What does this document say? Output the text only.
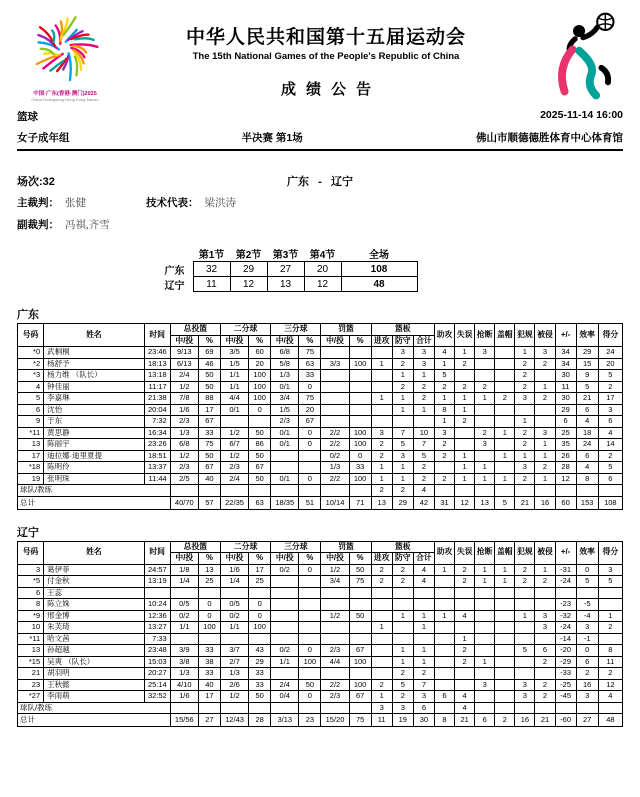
中国·广东(香港·澳门)2025
China Guangdong·Hong Kong·Macao
中华人民共和国第十五届运动会
The 15th National Games of the People's Republic of China
成绩公告
篮球	2025-11-14 16:00
女子成年组	半决赛 第1场	佛山市顺德德胜体育中心体育馆
场次:32	广东 - 辽宁
主裁判： 张健	技术代表： 梁洪涛
副裁判： 冯祺,齐雪
	第1节	第2节	第3节	第4节	全场
广东	32	29	27	20	108
辽宁	11	12	13	12	48
广东
号码	姓名	时间	总投篮		二分球		三分球		罚篮		篮板			助攻	失误	抢断	盖帽	犯规	被侵	+/-	效率	得分
			中/投	%	中/投	%	中/投	%	中/投	%	进攻	防守	合计									
*0	武桐桐	23:46	9/13	69	3/5	60	6/8	75				3	3	4	1	3		1	3	34	29	24
*2	杨舒予	18:13	6/13	46	1/5	20	5/8	63	3/3	100	1	2	3	1	2			2	2	34	15	20
*3	杨力维 （队长）	13:18	2/4	50	1/1	100	1/3	33				1	1	5				2		30	9	5
4	钟佳丽	11:17	1/2	50	1/1	100	0/1	0				2	2	2	2	2		2	1	11	5	2
5	李嘉琳	21:38	7/8	88	4/4	100	3/4	75			1	1	2	1	1	1	2	3	2	30	21	17
6	沈怡	20:04	1/6	17	0/1	0	1/5	20				1	1	8	1					29	6	3
9	于东	7:32	2/3	67			2/3	67						1	2			1		6	4	6
*11	黄思静	16:34	1/3	33	1/2	50	0/1	0	2/2	100	3	7	10	3		2	1	2	3	25	18	4
13	陈丽宇	23:26	6/8	75	6/7	86	0/1	0	2/2	100	2	5	7	2		3		2	1	35	24	14
17	迪拉娜·迪里夏提	18:51	1/2	50	1/2	50			0/2	0	2	3	5	2	1		1	1	1	26	6	2
*18	陈明伶	13:37	2/3	67	2/3	67			1/3	33	1	1	2		1	1		3	2	28	4	5
19	张明珠	11:44	2/5	40	2/4	50	0/1	0	2/2	100	1	1	2	2	1	1	1	2	1	12	8	6
球队/教练											2	2	4									
总计			40/70	57	22/35	63	18/35	51	10/14	71	13	29	42	31	12	13	5	21	16	60	153	108
辽宁
号码	姓名	时间	总投篮		二分球		三分球		罚篮		篮板			助攻	失误	抢断	盖帽	犯规	被侵	+/-	效率	得分
			中/投	%	中/投	%	中/投	%	中/投	%	进攻	防守	合计									
3	葛伊菲	24:57	1/8	13	1/6	17	0/2	0	1/2	50	2	2	4	1	2	1	1	2	1	-31	0	3
*5	付金秋	13:19	1/4	25	1/4	25			3/4	75	2	2	4		2	1	1	2	2	-24	5	5
6	王蕊																					
8	陈立姝	10:24	0/5	0	0/5	0														-23	-5	
*9	邢金博	12:36	0/2	0	0/2	0			1/2	50		1	1	1	4			1	3	-32	-4	1
10	朱芙琦	13:27	1/1	100	1/1	100					1		1						3	-24	3	2
*11	哈文茜	7:33													1					-14	-1	
13	孙超越	23:48	3/9	33	3/7	43	0/2	0	2/3	67		1	1		2			5	6	-20	0	8
*15	吴爽 （队长）	15:03	3/8	38	2/7	29	1/1	100	4/4	100		1	1		2	1			2	-29	6	11
21	胡羽明	20:27	1/3	33	1/3	33						2	2							-33	2	2
23	王秋懿	25:14	4/10	40	2/6	33	2/4	50	2/2	100	2	5	7			3		3	2	-25	16	12
*27	李雨萌	32:52	1/6	17	1/2	50	0/4	0	2/3	67	1	2	3	6	4			3	2	-45	3	4
球队/教练											3	3	6		4							
总计			15/56	27	12/43	28	3/13	23	15/20	75	11	19	30	8	21	6	2	16	21	-60	27	48
